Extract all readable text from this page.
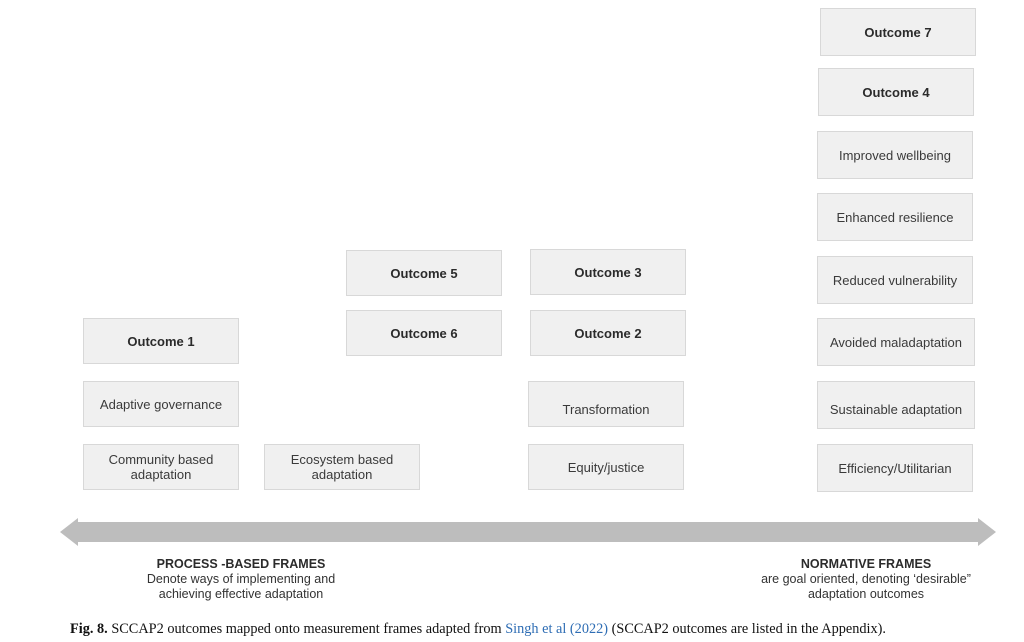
Outcome 1
Adaptive governance
Community based adaptation
Ecosystem based adaptation
Outcome 5
Outcome 6
Outcome 3
Outcome 2
Transformation
Equity/justice
Outcome 7
Outcome 4
Improved wellbeing
Enhanced resilience
Reduced vulnerability
Avoided maladaptation
Sustainable adaptation
Efficiency/Utilitarian
PROCESS -BASED FRAMES
Denote ways of implementing and
achieving effective adaptation
NORMATIVE FRAMES
are goal oriented, denoting ‘desirable”
adaptation outcomes
Fig. 8. SCCAP2 outcomes mapped onto measurement frames adapted from Singh et al (2022) (SCCAP2 outcomes are listed in the Appendix).
